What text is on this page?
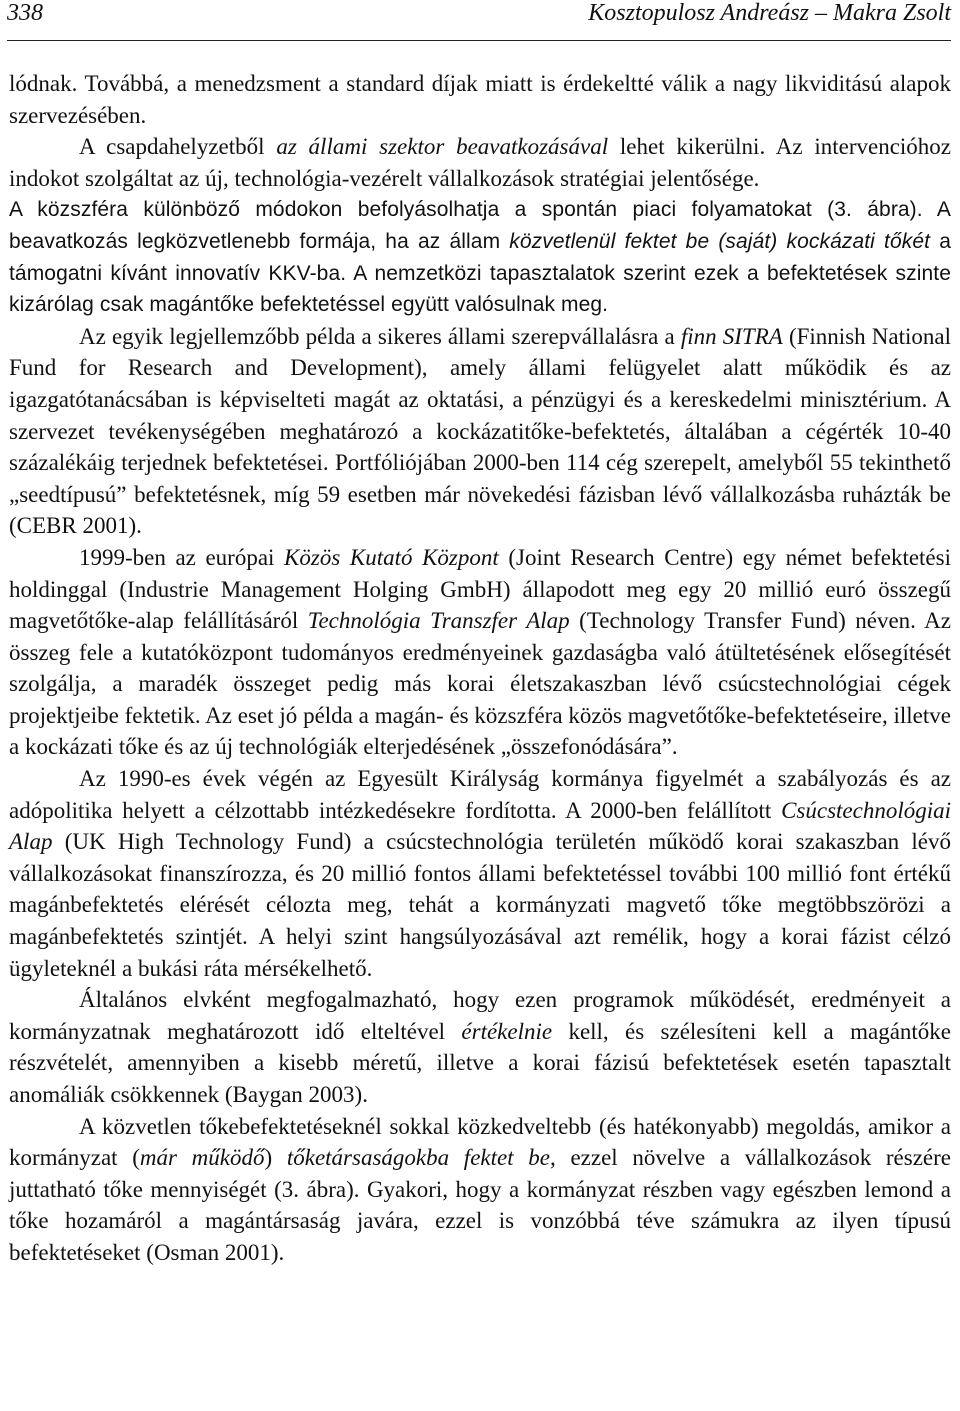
338	Kosztopulosz Andreász – Makra Zsolt

lódnak. Továbbá, a menedzsment a standard díjak miatt is érdekeltté válik a nagy likviditású alapok szervezésében.

A csapdahelyzetből az állami szektor beavatkozásával lehet kikerülni. Az intervencióhoz indokot szolgáltat az új, technológia-vezérelt vállalkozások stratégiai jelentősége.

A közszféra különböző módokon befolyásolhatja a spontán piaci folyamatokat (3. ábra). A beavatkozás legközvetlenebb formája, ha az állam közvetlenül fektet be (saját) kockázati tőkét a támogatni kívánt innovatív KKV-ba. A nemzetközi tapasztalatok szerint ezek a befektetések szinte kizárólag csak magántőke befektetéssel együtt valósulnak meg.

Az egyik legjellemzőbb példa a sikeres állami szerepvállalásra a finn SITRA (Finnish National Fund for Research and Development), amely állami felügyelet alatt működik és az igazgatótanácsában is képviselteti magát az oktatási, a pénzügyi és a kereskedelmi minisztérium. A szervezet tevékenységében meghatározó a kockázatitőke-befektetés, általában a cégérték 10-40 százalékáig terjednek befektetései. Portfóliójában 2000-ben 114 cég szerepelt, amelyből 55 tekinthető „seedtípusú” befektetésnek, míg 59 esetben már növekedési fázisban lévő vállalkozásba ruházták be (CEBR 2001).

1999-ben az európai Közös Kutató Központ (Joint Research Centre) egy német befektetési holdinggal (Industrie Management Holging GmbH) állapodott meg egy 20 millió euró összegű magvetőtőke-alap felállításáról Technológia Transzfer Alap (Technology Transfer Fund) néven. Az összeg fele a kutatóközpont tudományos eredményeinek gazdaságba való átültetésének elősegítését szolgálja, a maradék összeget pedig más korai életszakaszban lévő csúcstechnológiai cégek projektjeibe fektetik. Az eset jó példa a magán- és közszféra közös magvetőtőke-befektetéseire, illetve a kockázati tőke és az új technológiák elterjedésének „összefonódására”.

Az 1990-es évek végén az Egyesült Királyság kormánya figyelmét a szabályozás és az adópolitika helyett a célzottabb intézkedésekre fordította. A 2000-ben felállított Csúcstechnológiai Alap (UK High Technology Fund) a csúcstechnológia területén működő korai szakaszban lévő vállalkozásokat finanszírozza, és 20 millió fontos állami befektetéssel további 100 millió font értékű magánbefektetés elérését célozta meg, tehát a kormányzati magvető tőke megtöbbszörözi a magánbefektetés szintjét. A helyi szint hangsúlyozásával azt remélik, hogy a korai fázist célzó ügyleteknél a bukási ráta mérsékelhető.

Általános elvként megfogalmazható, hogy ezen programok működését, eredményeit a kormányzatnak meghatározott idő elteltével értékelnie kell, és szélesíteni kell a magántőke részvételét, amennyiben a kisebb méretű, illetve a korai fázisú befektetések esetén tapasztalt anomáliák csökkennek (Baygan 2003).

A közvetlen tőkebefektetéseknél sokkal közkedveltebb (és hatékonyabb) megoldás, amikor a kormányzat (már működő) tőketársaságokba fektet be, ezzel növelve a vállalkozások részére juttatható tőke mennyiségét (3. ábra). Gyakori, hogy a kormányzat részben vagy egészben lemond a tőke hozamáról a magántársaság javára, ezzel is vonzóbbá téve számukra az ilyen típusú befektetéseket (Osman 2001).
